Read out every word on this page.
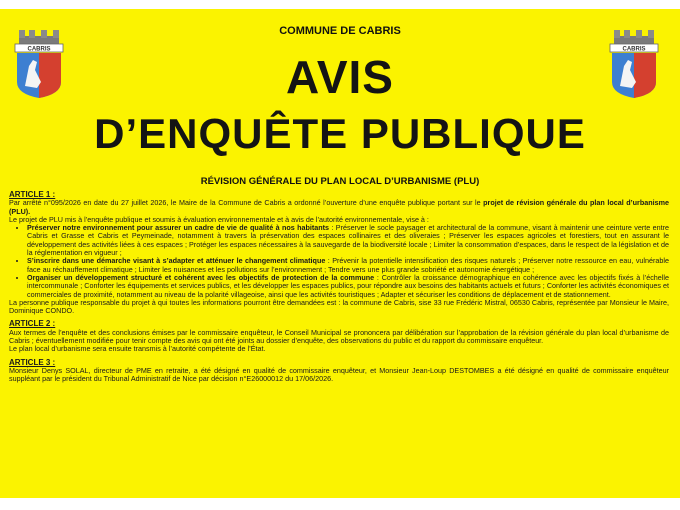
CABRIS	CABRIS
COMMUNE DE CABRIS
AVIS
D’ENQUÊTE PUBLIQUE
RÉVISION GÉNÉRALE DU PLAN LOCAL D’URBANISME (PLU)
ARTICLE 1 :

Par arrêté n°095/2026 en date du 27 juillet 2026, le Maire de la Commune de Cabris a ordonné l’ouverture d’une enquête publique portant sur le projet de révision générale du plan local d’urbanisme (PLU).

Le projet de PLU mis à l’enquête publique et soumis à évaluation environnementale et à avis de l’autorité environnementale, vise à :

• Préserver notre environnement pour assurer un cadre de vie de qualité à nos habitants : Préserver le socle paysager et architectural de la commune, visant à maintenir une ceinture verte entre Cabris et Grasse et Cabris et Peymeinade, notamment à travers la préservation des espaces collinaires et des oliveraies ; Préserver les espaces agricoles et forestiers, tout en assurant le développement des activités liées à ces espaces ; Protéger les espaces nécessaires à la sauvegarde de la biodiversité locale ; Limiter la consommation d’espaces, dans le respect de la législation et de la réglementation en vigueur ;
• S’inscrire dans une démarche visant à s’adapter et atténuer le changement climatique : Prévenir la potentielle intensification des risques naturels ; Préserver notre ressource en eau, vulnérable face au réchauffement climatique ; Limiter les nuisances et les pollutions sur l’environnement ; Tendre vers une plus grande sobriété et autonomie énergétique ;
• Organiser un développement structuré et cohérent avec les objectifs de protection de la commune : Contrôler la croissance démographique en cohérence avec les objectifs fixés à l’échelle intercommunale ; Conforter les équipements et services publics, et les développer les espaces publics, pour répondre aux besoins des habitants actuels et futurs ; Conforter les activités économiques et commerciales de proximité, notamment au niveau de la polarité villageoise, ainsi que les activités touristiques ; Adapter et sécuriser les conditions de déplacement et de stationnement.

La personne publique responsable du projet à qui toutes les informations pourront être demandées est : la commune de Cabris, sise 33 rue Frédéric Mistral, 06530 Cabris, représentée par Monsieur le Maire, Dominique CONDO.

ARTICLE 2 :

Aux termes de l’enquête et des conclusions émises par le commissaire enquêteur, le Conseil Municipal se prononcera par délibération sur l’approbation de la révision générale du plan local d’urbanisme de Cabris ; éventuellement modifiée pour tenir compte des avis qui ont été joints au dossier d’enquête, des observations du public et du rapport du commissaire enquêteur.

Le plan local d’urbanisme sera ensuite transmis à l’autorité compétente de l’État.

ARTICLE 3 :

Monsieur Denys SOLAL, directeur de PME en retraite, a été désigné en qualité de commissaire enquêteur, et Monsieur Jean-Loup DESTOMBES a été désigné en qualité de commissaire enquêteur suppléant par le président du Tribunal Administratif de Nice par décision n°E26000012 du 17/06/2026.
